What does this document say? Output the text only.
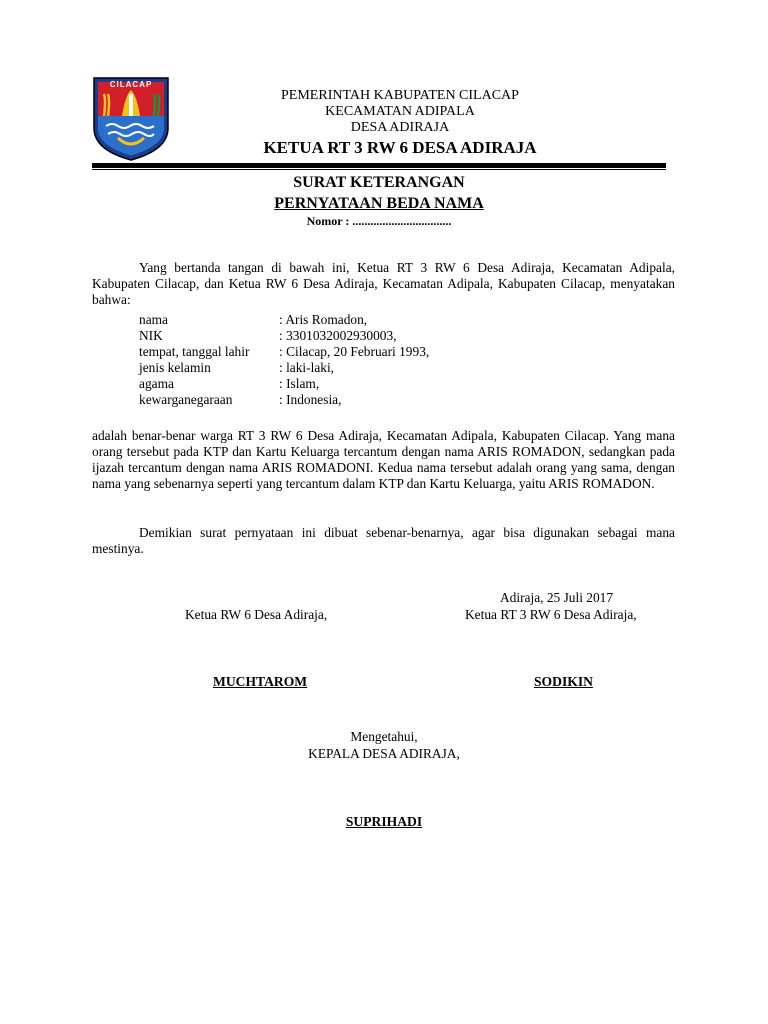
CILACAP
PEMERINTAH KABUPATEN CILACAP
KECAMATAN ADIPALA
DESA ADIRAJA
KETUA RT 3 RW 6 DESA ADIRAJA
SURAT KETERANGAN
PERNYATAAN BEDA NAMA
Nomor : .................................
Yang bertanda tangan di bawah ini, Ketua RT 3 RW 6 Desa Adiraja, Kecamatan Adipala, Kabupaten Cilacap, dan Ketua RW 6 Desa Adiraja, Kecamatan Adipala, Kabupaten Cilacap, menyatakan bahwa:
nama	: Aris Romadon,
NIK	: 3301032002930003,
tempat, tanggal lahir	: Cilacap, 20 Februari 1993,
jenis kelamin	: laki-laki,
agama	: Islam,
kewarganegaraan	: Indonesia,
adalah benar-benar warga RT 3 RW 6 Desa Adiraja, Kecamatan Adipala, Kabupaten Cilacap. Yang mana orang tersebut pada KTP dan Kartu Keluarga tercantum dengan nama ARIS ROMADON, sedangkan pada ijazah tercantum dengan nama ARIS ROMADONI. Kedua nama tersebut adalah orang yang sama, dengan nama yang sebenarnya seperti yang tercantum dalam KTP dan Kartu Keluarga, yaitu ARIS ROMADON.
Demikian surat pernyataan ini dibuat sebenar-benarnya, agar bisa digunakan sebagai mana mestinya.
Adiraja, 25 Juli 2017
Ketua RW 6 Desa Adiraja,	Ketua RT 3 RW 6 Desa Adiraja,
MUCHTAROM	SODIKIN
Mengetahui,
KEPALA DESA ADIRAJA,
SUPRIHADI
